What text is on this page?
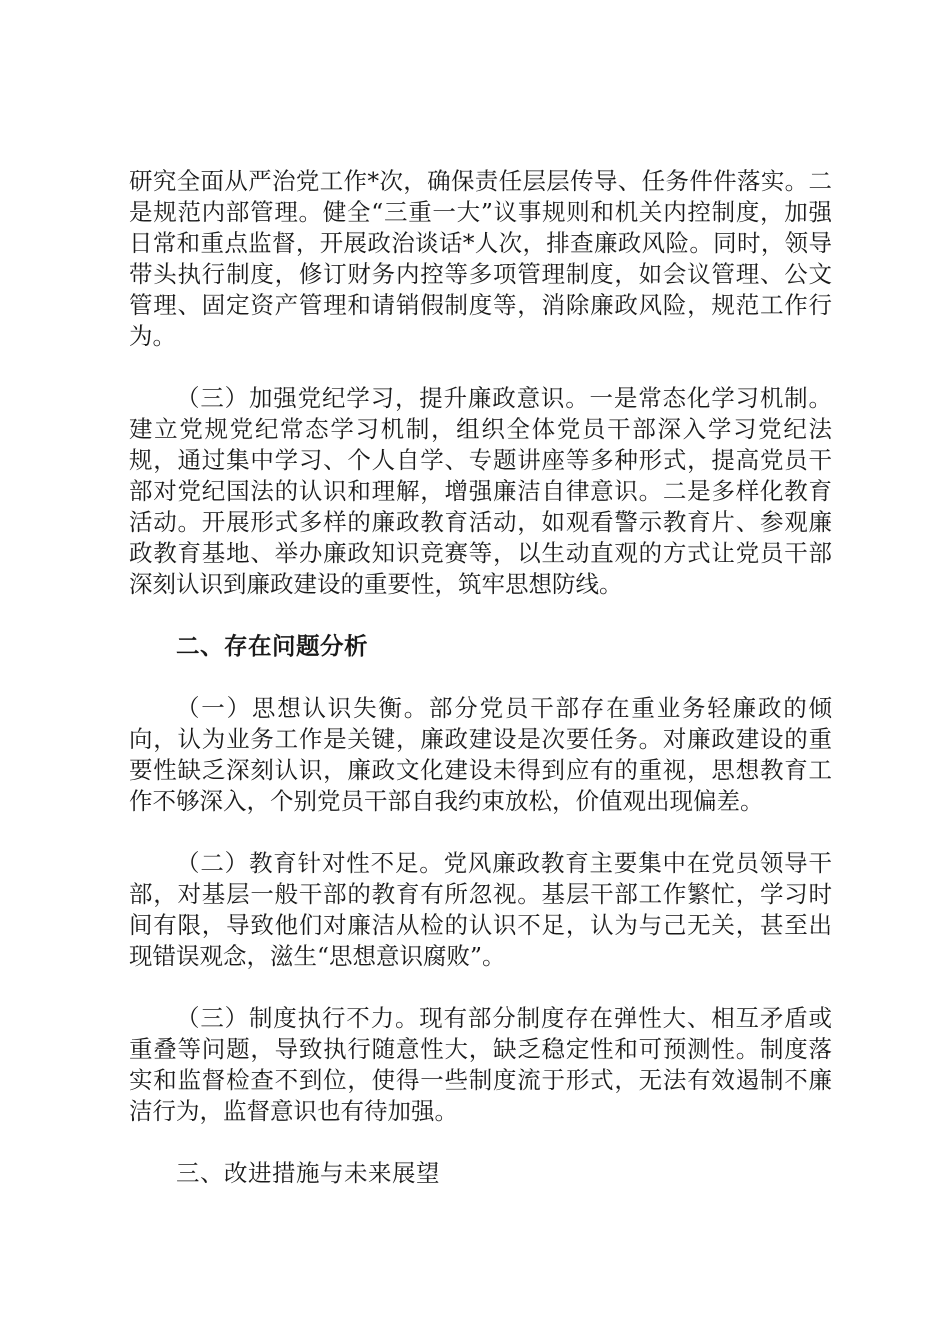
研究全面从严治党工作*次，确保责任层层传导、任务件件落实。二是规范内部管理。健全“三重一大”议事规则和机关内控制度，加强日常和重点监督，开展政治谈话*人次，排查廉政风险。同时，领导带头执行制度，修订财务内控等多项管理制度，如会议管理、公文管理、固定资产管理和请销假制度等，消除廉政风险，规范工作行为。

（三）加强党纪学习，提升廉政意识。一是常态化学习机制。建立党规党纪常态学习机制，组织全体党员干部深入学习党纪法规，通过集中学习、个人自学、专题讲座等多种形式，提高党员干部对党纪国法的认识和理解，增强廉洁自律意识。二是多样化教育活动。开展形式多样的廉政教育活动，如观看警示教育片、参观廉政教育基地、举办廉政知识竞赛等，以生动直观的方式让党员干部深刻认识到廉政建设的重要性，筑牢思想防线。

二、存在问题分析

（一）思想认识失衡。部分党员干部存在重业务轻廉政的倾向，认为业务工作是关键，廉政建设是次要任务。对廉政建设的重要性缺乏深刻认识，廉政文化建设未得到应有的重视，思想教育工作不够深入，个别党员干部自我约束放松，价值观出现偏差。

（二）教育针对性不足。党风廉政教育主要集中在党员领导干部，对基层一般干部的教育有所忽视。基层干部工作繁忙，学习时间有限，导致他们对廉洁从检的认识不足，认为与己无关，甚至出现错误观念，滋生“思想意识腐败”。

（三）制度执行不力。现有部分制度存在弹性大、相互矛盾或重叠等问题，导致执行随意性大，缺乏稳定性和可预测性。制度落实和监督检查不到位，使得一些制度流于形式，无法有效遏制不廉洁行为，监督意识也有待加强。

三、改进措施与未来展望
